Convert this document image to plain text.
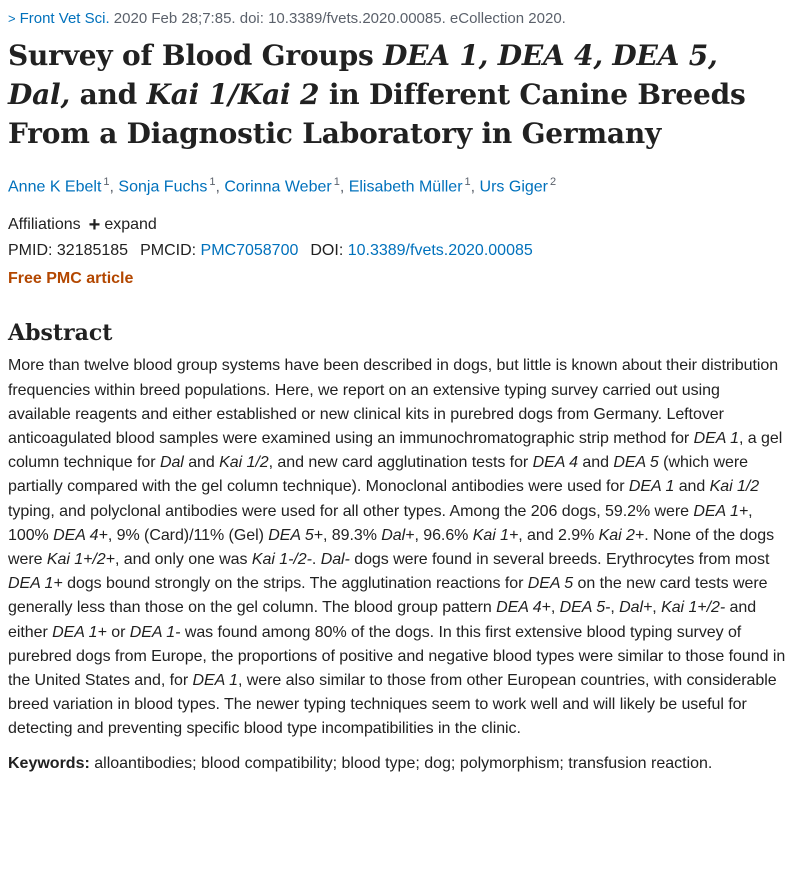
> Front Vet Sci. 2020 Feb 28;7:85. doi: 10.3389/fvets.2020.00085. eCollection 2020.
Survey of Blood Groups DEA 1, DEA 4, DEA 5, Dal, and Kai 1/Kai 2 in Different Canine Breeds From a Diagnostic Laboratory in Germany
Anne K Ebelt $^1$, Sonja Fuchs $^1$, Corinna Weber $^1$, Elisabeth Müller $^1$, Urs Giger $^2$
Affiliations + expand
PMID: 32185185 PMCID: PMC7058700 DOI: 10.3389/fvets.2020.00085
Free PMC article
Abstract

More than twelve blood group systems have been described in dogs, but little is known about their distribution frequencies within breed populations. Here, we report on an extensive typing survey carried out using available reagents and either established or new clinical kits in purebred dogs from Germany. Leftover anticoagulated blood samples were examined using an immunochromatographic strip method for DEA 1, a gel column technique for Dal and Kai 1/2, and new card agglutination tests for DEA 4 and DEA 5 (which were partially compared with the gel column technique). Monoclonal antibodies were used for DEA 1 and Kai 1/2 typing, and polyclonal antibodies were used for all other types. Among the 206 dogs, 59.2% were DEA 1+, 100% DEA 4+, 9% (Card)/11% (Gel) DEA 5+, 89.3% Dal+, 96.6% Kai 1+, and 2.9% Kai 2+. None of the dogs were Kai 1+/2+, and only one was Kai 1-/2-. Dal- dogs were found in several breeds. Erythrocytes from most DEA 1+ dogs bound strongly on the strips. The agglutination reactions for DEA 5 on the new card tests were generally less than those on the gel column. The blood group pattern DEA 4+, DEA 5-, Dal+, Kai 1+/2- and either DEA 1+ or DEA 1- was found among 80% of the dogs. In this first extensive blood typing survey of purebred dogs from Europe, the proportions of positive and negative blood types were similar to those found in the United States and, for DEA 1, were also similar to those from other European countries, with considerable breed variation in blood types. The newer typing techniques seem to work well and will likely be useful for detecting and preventing specific blood type incompatibilities in the clinic.

Keywords: alloantibodies; blood compatibility; blood type; dog; polymorphism; transfusion reaction.
